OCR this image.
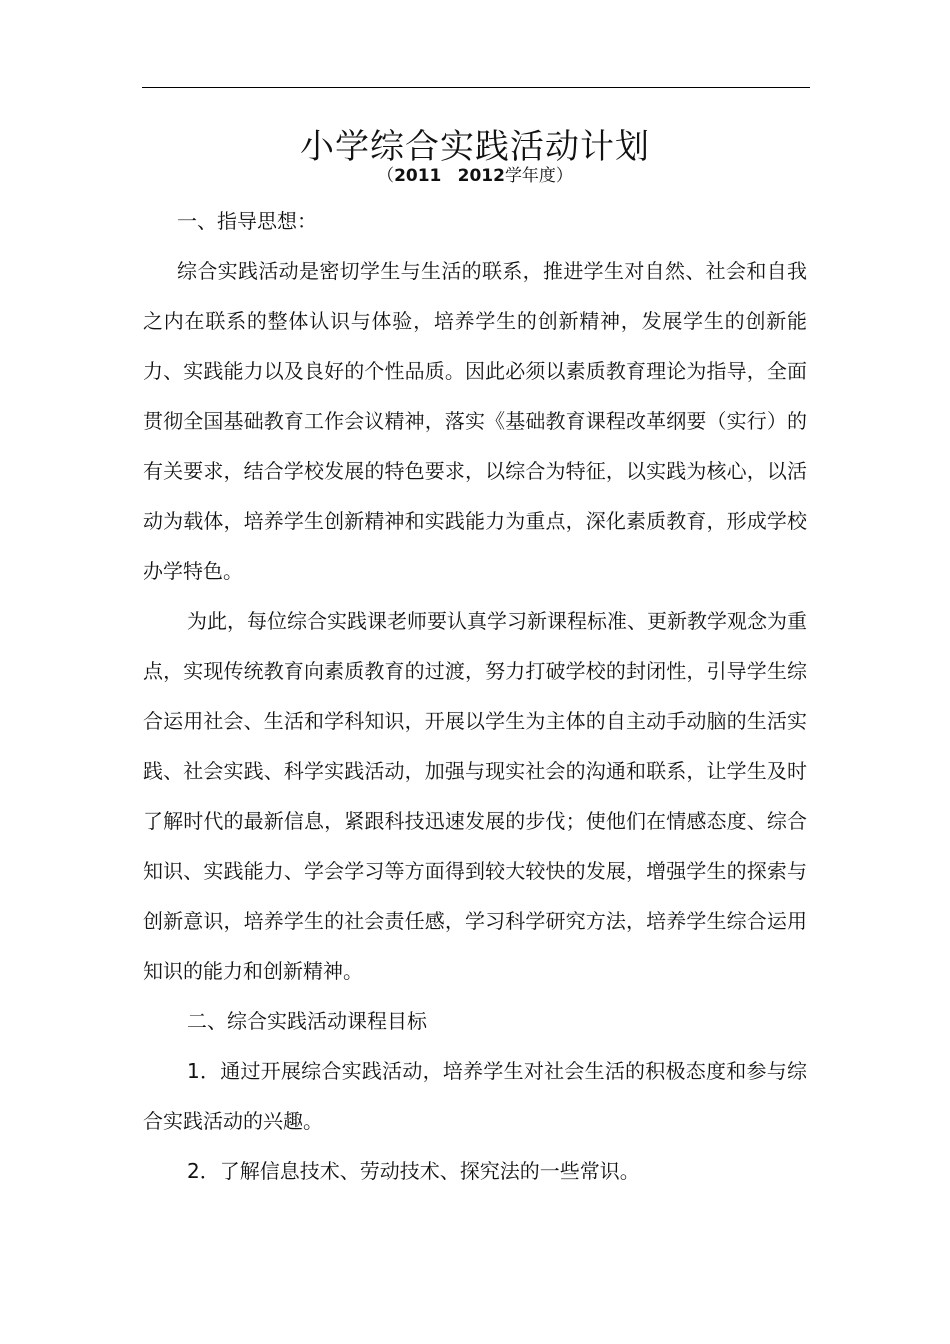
小学综合实践活动计划
（2011 2012学年度）

一、指导思想：

综合实践活动是密切学生与生活的联系，推进学生对自然、社会和自我之内在联系的整体认识与体验，培养学生的创新精神，发展学生的创新能力、实践能力以及良好的个性品质。因此必须以素质教育理论为指导，全面贯彻全国基础教育工作会议精神，落实《基础教育课程改革纲要（实行）的有关要求，结合学校发展的特色要求，以综合为特征，以实践为核心，以活动为载体，培养学生创新精神和实践能力为重点，深化素质教育，形成学校办学特色。

为此，每位综合实践课老师要认真学习新课程标准、更新教学观念为重点，实现传统教育向素质教育的过渡，努力打破学校的封闭性，引导学生综合运用社会、生活和学科知识，开展以学生为主体的自主动手动脑的生活实践、社会实践、科学实践活动，加强与现实社会的沟通和联系，让学生及时了解时代的最新信息，紧跟科技迅速发展的步伐；使他们在情感态度、综合知识、实践能力、学会学习等方面得到较大较快的发展，增强学生的探索与创新意识，培养学生的社会责任感，学习科学研究方法，培养学生综合运用知识的能力和创新精神。

二、综合实践活动课程目标

1．通过开展综合实践活动，培养学生对社会生活的积极态度和参与综合实践活动的兴趣。

2．了解信息技术、劳动技术、探究法的一些常识。
